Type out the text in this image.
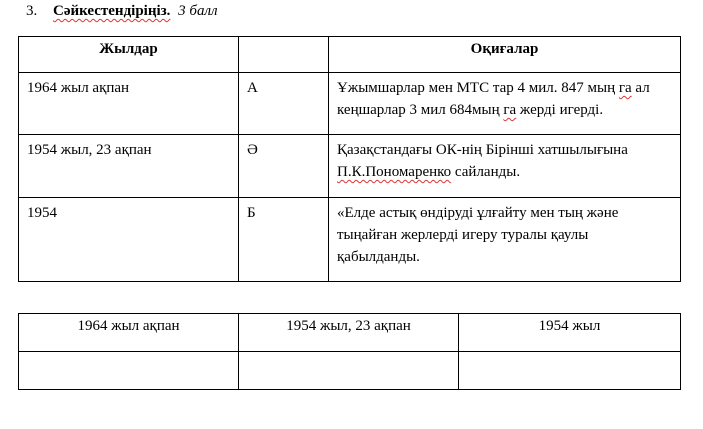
3. Сәйкестендіріңіз. 3 балл
Жылдар		Оқиғалар
1964 жыл ақпан	А	Ұжымшарлар мен МТС тар 4 мил. 847 мың га ал кеңшарлар 3 мил 684мың га жерді игерді.
1954 жыл, 23 ақпан	Ә	Қазақстандағы ОК-нің Бірінші хатшылығына П.К.Пономаренко сайланды.
1954	Б	«Елде астық өндіруді ұлғайту мен тың және тыңайған жерлерді игеру туралы қаулы қабылданды.
1964 жыл ақпан	1954 жыл, 23 ақпан	1954 жыл
